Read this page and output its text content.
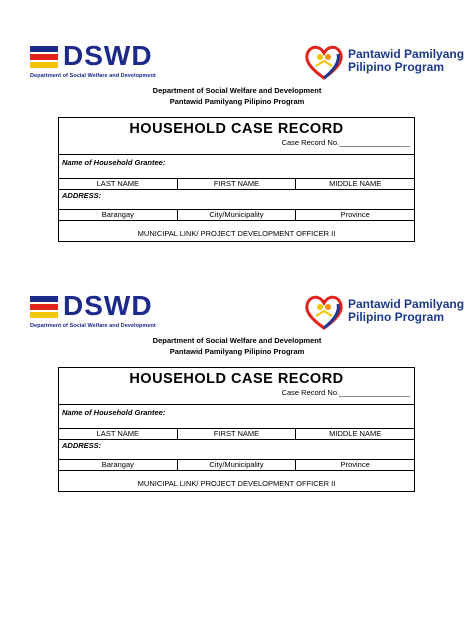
DSWD
Department of Social Welfare and Development
Pantawid Pamilyang
Pilipino Program
Department of Social Welfare and Development
Pantawid Pamilyang Pilipino Program
HOUSEHOLD CASE RECORD
Case Record No._________________
Name of Household Grantee:
LAST NAME	FIRST NAME	MIDDLE NAME
ADDRESS:
Barangay	City/Municipality	Province
MUNICIPAL LINK/ PROJECT DEVELOPMENT OFFICER II
DSWD
Department of Social Welfare and Development
Pantawid Pamilyang
Pilipino Program
Department of Social Welfare and Development
Pantawid Pamilyang Pilipino Program
HOUSEHOLD CASE RECORD
Case Record No._________________
Name of Household Grantee:
LAST NAME	FIRST NAME	MIDDLE NAME
ADDRESS:
Barangay	City/Municipality	Province
MUNICIPAL LINK/ PROJECT DEVELOPMENT OFFICER II
